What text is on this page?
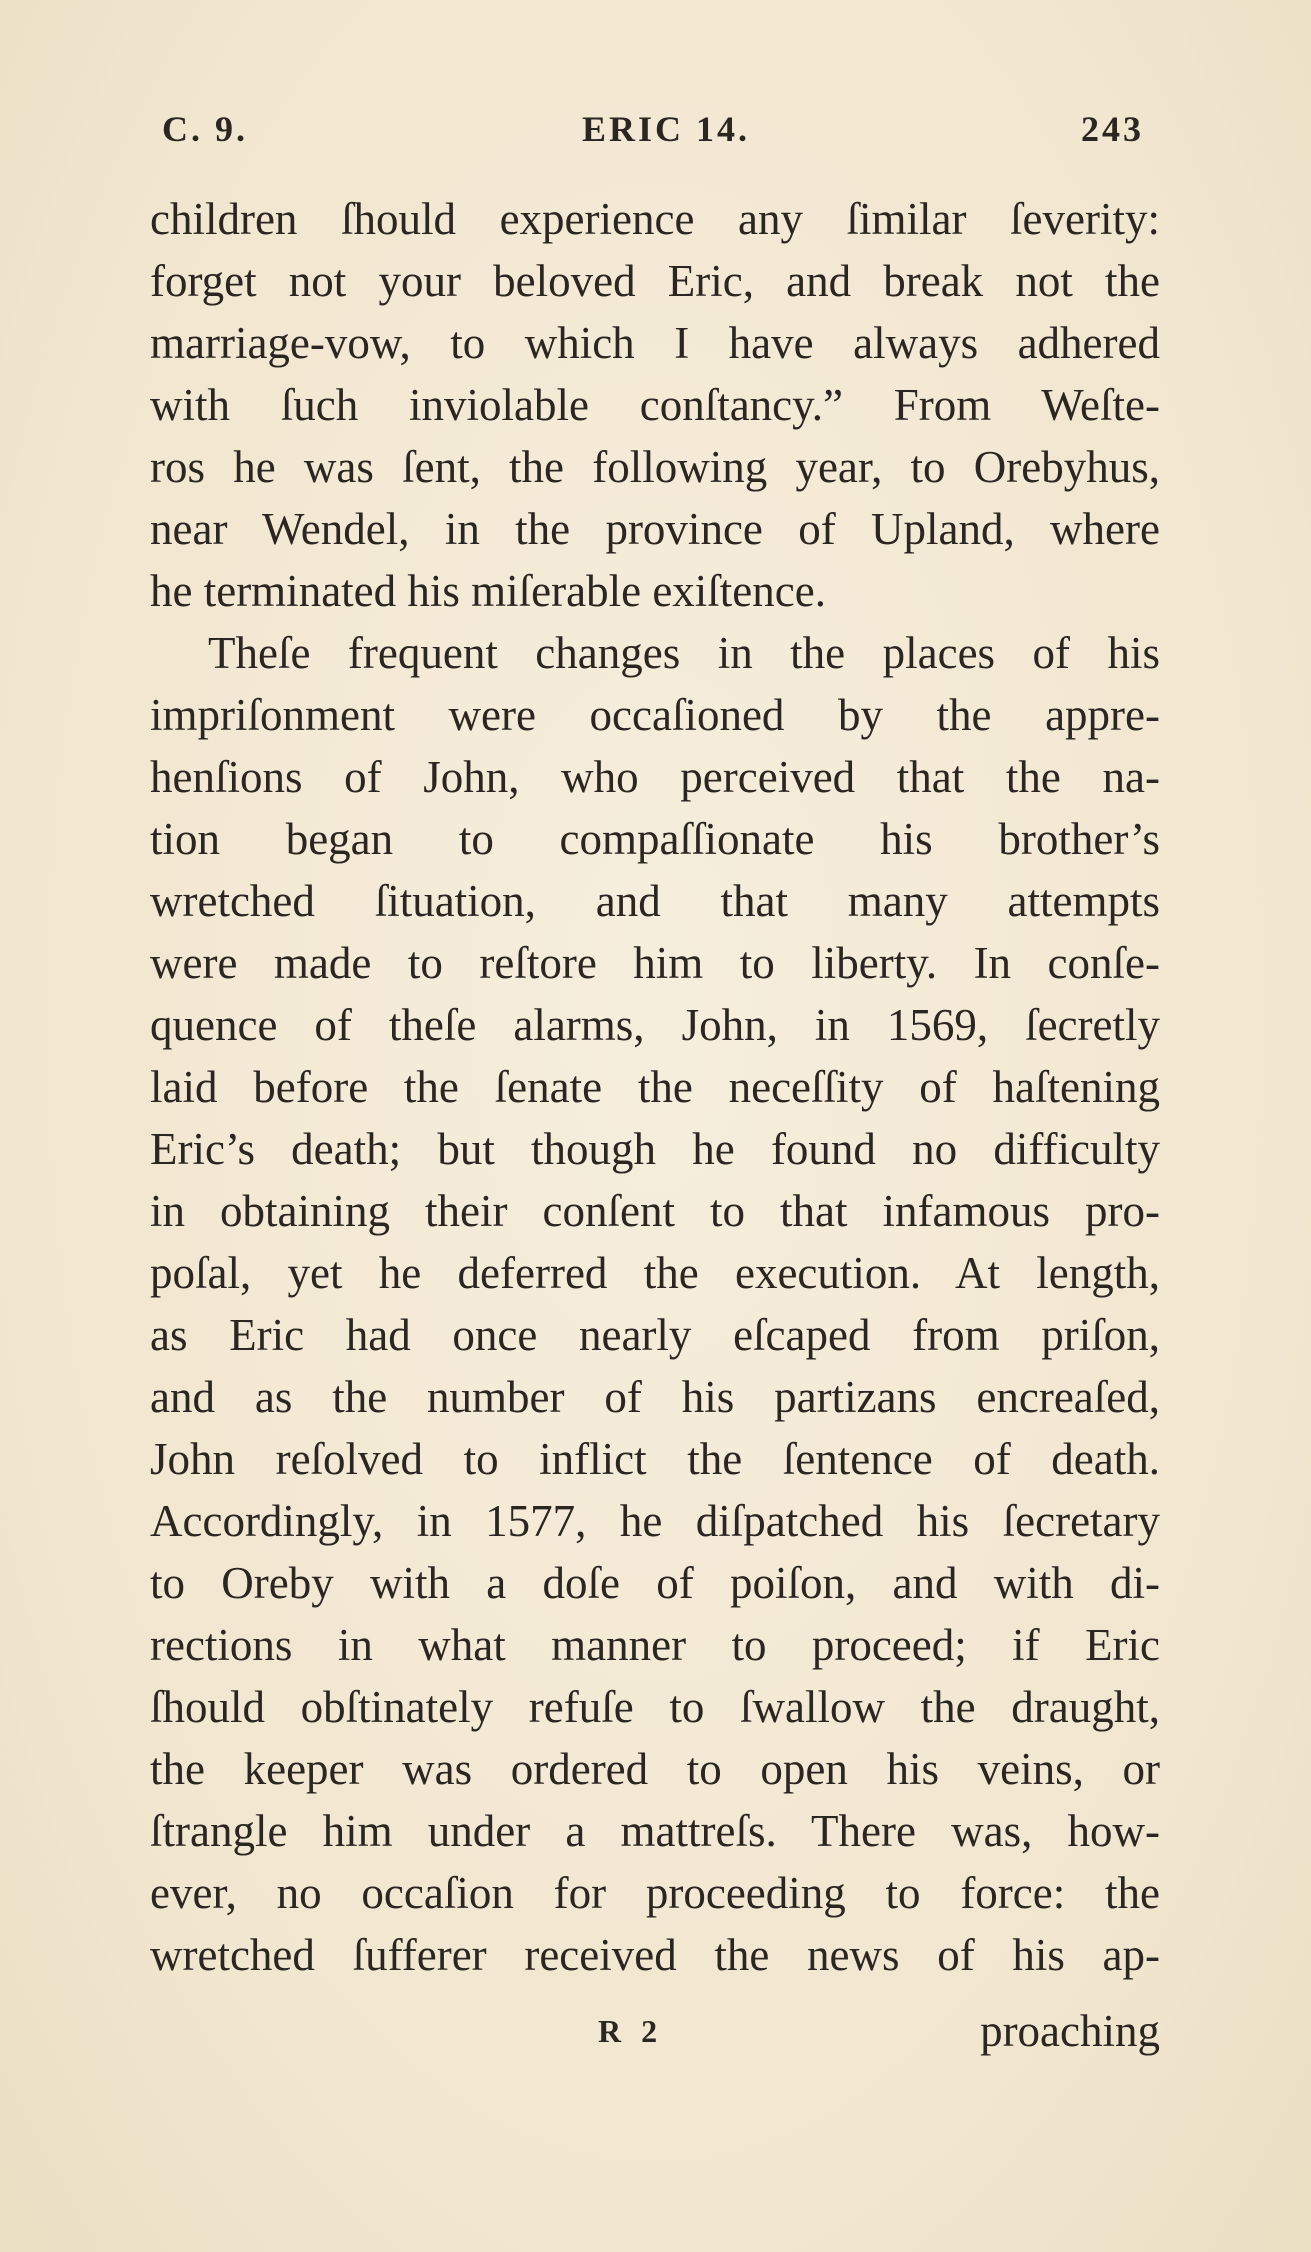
C. 9.	ERIC 14.	243
children ſhould experience any ſimilar ſeverity:
forget not your beloved Eric, and break not the
marriage-vow, to which I have always adhered
with ſuch inviolable conſtancy.” From Weſte-
ros he was ſent, the following year, to Orebyhus,
near Wendel, in the province of Upland, where
he terminated his miſerable exiſtence.
Theſe frequent changes in the places of his
impriſonment were occaſioned by the appre-
henſions of John, who perceived that the na-
tion began to compaſſionate his brother’s
wretched ſituation, and that many attempts
were made to reſtore him to liberty. In conſe-
quence of theſe alarms, John, in 1569, ſecretly
laid before the ſenate the neceſſity of haſtening
Eric’s death; but though he found no difficulty
in obtaining their conſent to that infamous pro-
poſal, yet he deferred the execution. At length,
as Eric had once nearly eſcaped from priſon,
and as the number of his partizans encreaſed,
John reſolved to inflict the ſentence of death.
Accordingly, in 1577, he diſpatched his ſecretary
to Oreby with a doſe of poiſon, and with di-
rections in what manner to proceed; if Eric
ſhould obſtinately refuſe to ſwallow the draught,
the keeper was ordered to open his veins, or
ſtrangle him under a mattreſs. There was, how-
ever, no occaſion for proceeding to force: the
wretched ſufferer received the news of his ap-
R 2	proaching
